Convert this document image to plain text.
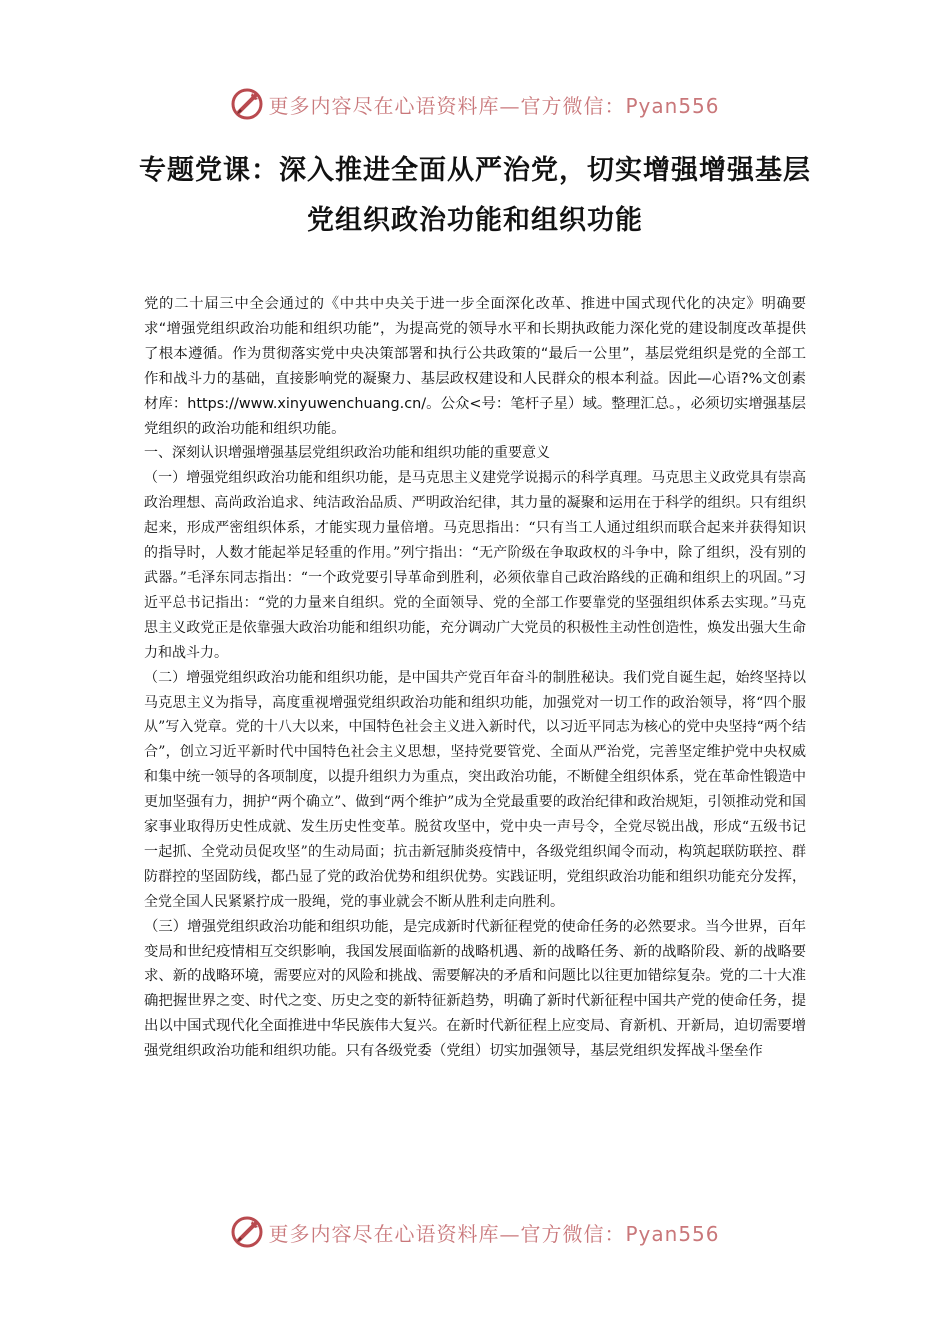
更多内容尽在心语资料库—官方微信：Pyan556
专题党课：深入推进全面从严治党，切实增强增强基层党组织政治功能和组织功能

党的二十届三中全会通过的《中共中央关于进一步全面深化改革、推进中国式现代化的决定》明确要求“增强党组织政治功能和组织功能”，为提高党的领导水平和长期执政能力深化党的建设制度改革提供了根本遵循。作为贯彻落实党中央决策部署和执行公共政策的“最后一公里”，基层党组织是党的全部工作和战斗力的基础，直接影响党的凝聚力、基层政权建设和人民群众的根本利益。因此—心语?%文创素材库：https://www.xinyuwenchuang.cn/。公众<号：笔杆子星）域。整理汇总。，必须切实增强基层党组织的政治功能和组织功能。

一、深刻认识增强增强基层党组织政治功能和组织功能的重要意义

（一）增强党组织政治功能和组织功能，是马克思主义建党学说揭示的科学真理。马克思主义政党具有崇高政治理想、高尚政治追求、纯洁政治品质、严明政治纪律，其力量的凝聚和运用在于科学的组织。只有组织起来，形成严密组织体系，才能实现力量倍增。马克思指出：“只有当工人通过组织而联合起来并获得知识的指导时，人数才能起举足轻重的作用。”列宁指出：“无产阶级在争取政权的斗争中，除了组织，没有别的武器。”毛泽东同志指出：“一个政党要引导革命到胜利，必须依靠自己政治路线的正确和组织上的巩固。”习近平总书记指出：“党的力量来自组织。党的全面领导、党的全部工作要靠党的坚强组织体系去实现。”马克思主义政党正是依靠强大政治功能和组织功能，充分调动广大党员的积极性主动性创造性，焕发出强大生命力和战斗力。

（二）增强党组织政治功能和组织功能，是中国共产党百年奋斗的制胜秘诀。我们党自诞生起，始终坚持以马克思主义为指导，高度重视增强党组织政治功能和组织功能，加强党对一切工作的政治领导，将“四个服从”写入党章。党的十八大以来，中国特色社会主义进入新时代，以习近平同志为核心的党中央坚持“两个结合”，创立习近平新时代中国特色社会主义思想，坚持党要管党、全面从严治党，完善坚定维护党中央权威和集中统一领导的各项制度，以提升组织力为重点，突出政治功能，不断健全组织体系，党在革命性锻造中更加坚强有力，拥护“两个确立”、做到“两个维护”成为全党最重要的政治纪律和政治规矩，引领推动党和国家事业取得历史性成就、发生历史性变革。脱贫攻坚中，党中央一声号令，全党尽锐出战，形成“五级书记一起抓、全党动员促攻坚”的生动局面；抗击新冠肺炎疫情中，各级党组织闻令而动，构筑起联防联控、群防群控的坚固防线，都凸显了党的政治优势和组织优势。实践证明，党组织政治功能和组织功能充分发挥，全党全国人民紧紧拧成一股绳，党的事业就会不断从胜利走向胜利。

（三）增强党组织政治功能和组织功能，是完成新时代新征程党的使命任务的必然要求。当今世界，百年变局和世纪疫情相互交织影响，我国发展面临新的战略机遇、新的战略任务、新的战略阶段、新的战略要求、新的战略环境，需要应对的风险和挑战、需要解决的矛盾和问题比以往更加错综复杂。党的二十大准确把握世界之变、时代之变、历史之变的新特征新趋势，明确了新时代新征程中国共产党的使命任务，提出以中国式现代化全面推进中华民族伟大复兴。在新时代新征程上应变局、育新机、开新局，迫切需要增强党组织政治功能和组织功能。只有各级党委（党组）切实加强领导，基层党组织发挥战斗堡垒作

更多内容尽在心语资料库—官方微信：Pyan556
